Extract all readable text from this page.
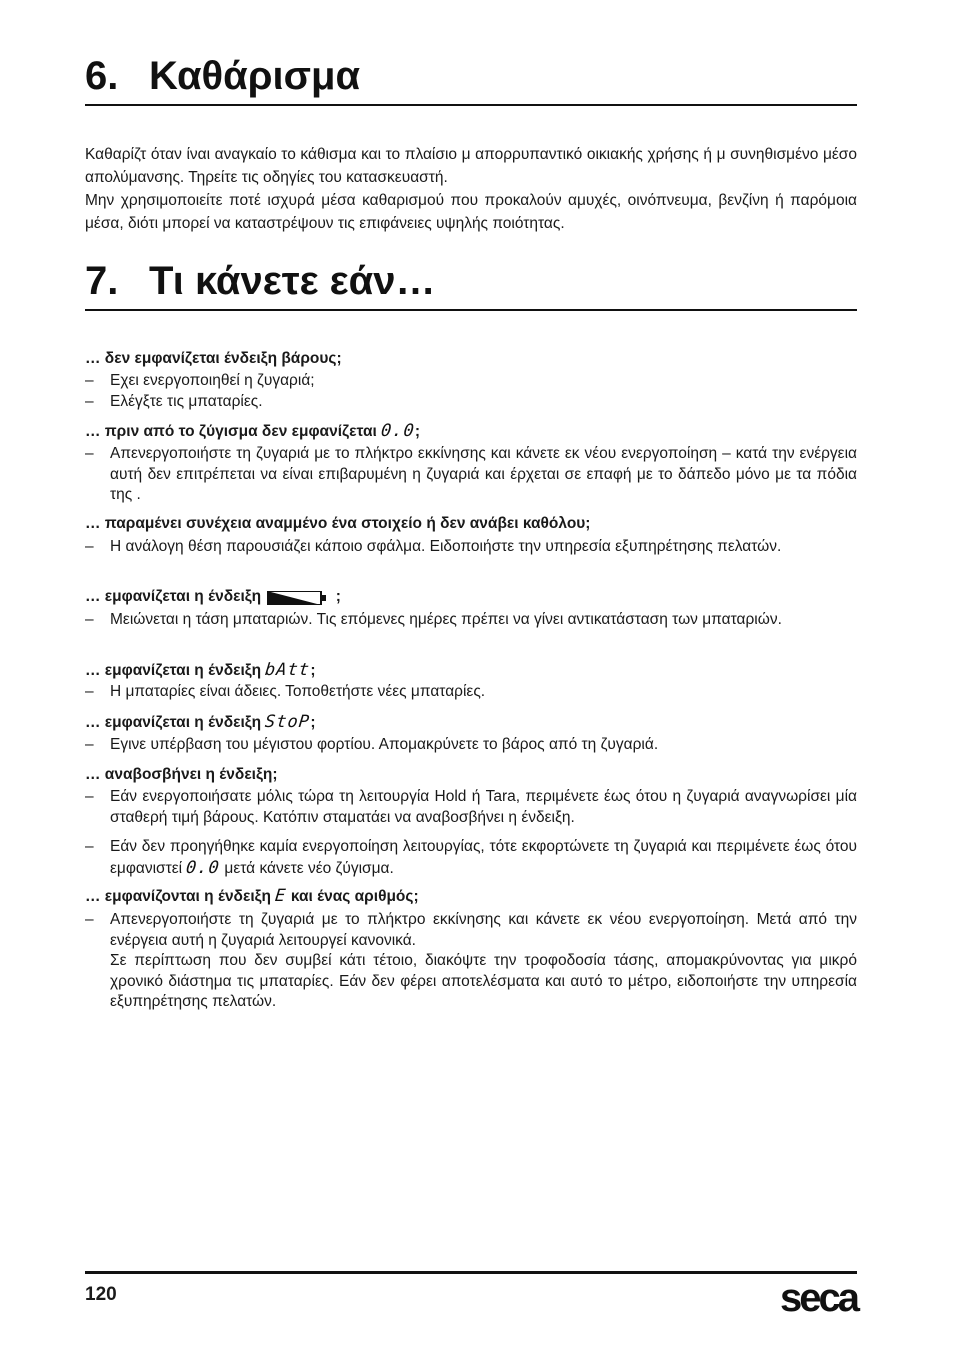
6. Καθάρισμα

Καθαρίζτ όταν ίναι αναγκαίο το κάθισμα και το πλαίσιο μ απορρυπαντικό οικιακής χρήσης ή μ συνηθισμένο μέσο απολύμανσης. Τηρείτε τις οδηγίες του κατασκευαστή.

Μην χρησιμοποιείτε ποτέ ισχυρά μέσα καθαρισμού που προκαλούν αμυχές, οινόπνευμα, βενζίνη ή παρόμοια μέσα, διότι μπορεί να καταστρέψουν τις επιφάνειες υψηλής ποιότητας.

7. Τι κάνετε εάν…
… δεν εμφανίζεται ένδειξη βάρους;
–	Εχει ενεργοποιηθεί η ζυγαριά;
–	Ελέγξτε τις μπαταρίες.
… πριν από το ζύγισμα δεν εμφανίζεται 0.0;
–	Απενεργοποιήστε τη ζυγαριά με το πλήκτρο εκκίνησης και κάνετε εκ νέου ενεργοποίηση – κατά την ενέργεια αυτή δεν επιτρέπεται να είναι επιβαρυμένη η ζυγαριά και έρχεται σε επαφή με το δάπεδο μόνο με τα πόδια της .
… παραμένει συνέχεια αναμμένο ένα στοιχείο ή δεν ανάβει καθόλου;
–	Η ανάλογη θέση παρουσιάζει κάποιο σφάλμα. Ειδοποιήστε την υπηρεσία εξυπηρέτησης πελατών.
… εμφανίζεται η ένδειξη	;
–	Μειώνεται η τάση μπαταριών. Τις επόμενες ημέρες πρέπει να γίνει αντικατάσταση των μπαταριών.
… εμφανίζεται η ένδειξη bAtt;
–	Η μπαταρίες είναι άδειες. Τοποθετήστε νέες μπαταρίες.
… εμφανίζεται η ένδειξη StoP;
–	Εγινε υπέρβαση του μέγιστου φορτίου. Απομακρύνετε το βάρος από τη ζυγαριά.
… αναβοσβήνει η ένδειξη;
–	Εάν ενεργοποιήσατε μόλις τώρα τη λειτουργία Hold ή Tara, περιμένετε έως ότου η ζυγαριά αναγνωρίσει μία σταθερή τιμή βάρους. Κατόπιν σταματάει να αναβοσβήνει η ένδειξη.
–	Εάν δεν προηγήθηκε καμία ενεργοποίηση λειτουργίας, τότε εκφορτώνετε τη ζυγαριά και περιμένετε έως ότου εμφανιστεί 0.0 μετά κάνετε νέο ζύγισμα.
… εμφανίζονται η ένδειξη E και ένας αριθμός;
–	Απενεργοποιήστε τη ζυγαριά με το πλήκτρο εκκίνησης και κάνετε εκ νέου ενεργοποίηση. Μετά από την ενέργεια αυτή η ζυγαριά λειτουργεί κανονικά.
Σε περίπτωση που δεν συμβεί κάτι τέτοιο, διακόψτε την τροφοδοσία τάσης, απομακρύνοντας για μικρό χρονικό διάστημα τις μπαταρίες. Εάν δεν φέρει αποτελέσματα και αυτό το μέτρο, ειδοποιήστε την υπηρεσία εξυπηρέτησης πελατών.
120	seca
